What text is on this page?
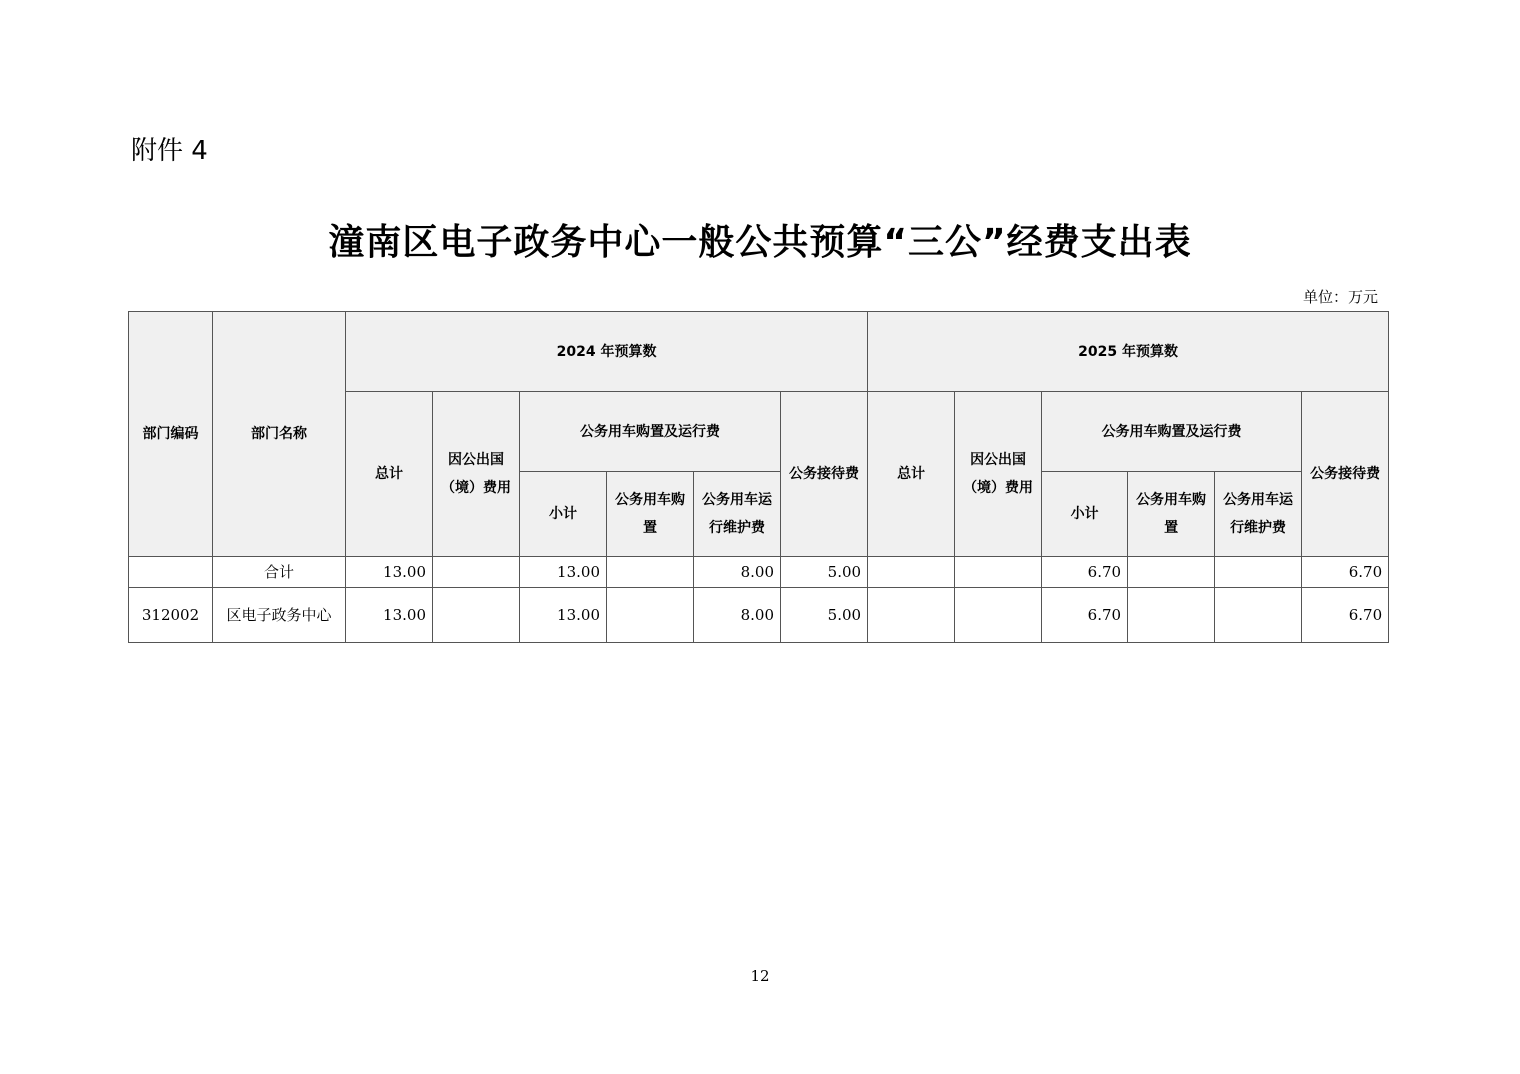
附件 4
潼南区电子政务中心一般公共预算“三公”经费支出表
单位：万元
部门编码	部门名称	2024 年预算数						2025 年预算数					
		总计	因公出国（境）费用	公务用车购置及运行费			公务接待费	总计	因公出国（境）费用	公务用车购置及运行费			公务接待费
				小计	公务用车购置	公务用车运行维护费				小计	公务用车购置	公务用车运行维护费	
	合计	13.00		13.00		8.00	5.00			6.70			6.70
312002	区电子政务中心	13.00		13.00		8.00	5.00			6.70			6.70
12
